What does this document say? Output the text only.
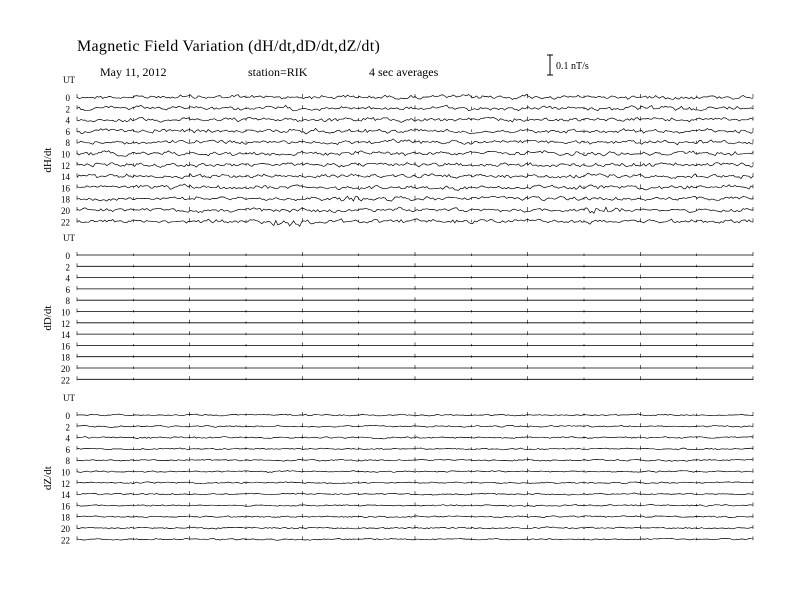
Magnetic Field Variation (dH/dt,dD/dt,dZ/dt)
May 11, 2012	station=RIK	4 sec averages	0.1 nT/s
UT
dH/dt
0
2
4
6
8
10
12
14
16
18
20
22
UT
dD/dt
0
2
4
6
8
10
12
14
16
18
20
22
UT
dZ/dt
0
2
4
6
8
10
12
14
16
18
20
22
